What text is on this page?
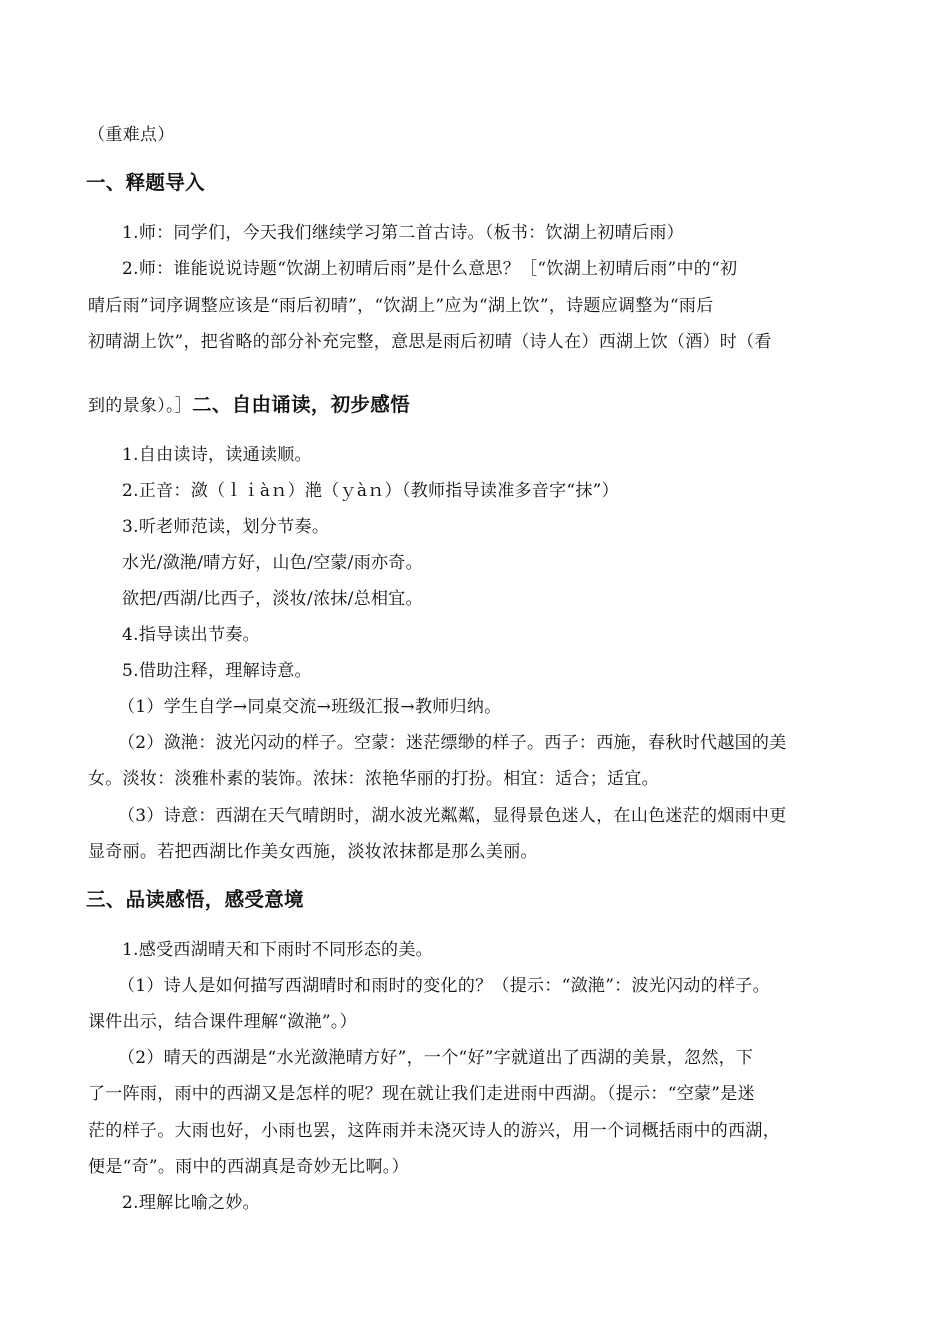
（重难点）
一、释题导入
1.师：同学们，今天我们继续学习第二首古诗。（板书：饮湖上初晴后雨）
2.师：谁能说说诗题“饮湖上初晴后雨”是什么意思？［“饮湖上初晴后雨”中的“初
晴后雨”词序调整应该是“雨后初晴”，“饮湖上”应为“湖上饮”，诗题应调整为“雨后
初晴湖上饮”，把省略的部分补充完整，意思是雨后初晴（诗人在）西湖上饮（酒）时（看
到的景象）。］二、自由诵读，初步感悟
1.自由读诗，读通读顺。
2.正音：潋（ｌｉàｎ）滟（ｙàｎ）（教师指导读准多音字“抹”）
3.听老师范读，划分节奏。
水光/潋滟/晴方好，山色/空蒙/雨亦奇。
欲把/西湖/比西子，淡妆/浓抹/总相宜。
4.指导读出节奏。
5.借助注释，理解诗意。
（1）学生自学→同桌交流→班级汇报→教师归纳。
（2）潋滟：波光闪动的样子。空蒙：迷茫缥缈的样子。西子：西施，春秋时代越国的美
女。淡妆：淡雅朴素的装饰。浓抹：浓艳华丽的打扮。相宜：适合；适宜。
（3）诗意：西湖在天气晴朗时，湖水波光粼粼，显得景色迷人，在山色迷茫的烟雨中更
显奇丽。若把西湖比作美女西施，淡妆浓抹都是那么美丽。
三、品读感悟，感受意境
1.感受西湖晴天和下雨时不同形态的美。
（1）诗人是如何描写西湖晴时和雨时的变化的？（提示：“潋滟”：波光闪动的样子。
课件出示，结合课件理解“潋滟”。）
（2）晴天的西湖是“水光潋滟晴方好”，一个“好”字就道出了西湖的美景，忽然，下
了一阵雨，雨中的西湖又是怎样的呢？现在就让我们走进雨中西湖。（提示：“空蒙”是迷
茫的样子。大雨也好，小雨也罢，这阵雨并未浇灭诗人的游兴，用一个词概括雨中的西湖，
便是“奇”。雨中的西湖真是奇妙无比啊。）
2.理解比喻之妙。
